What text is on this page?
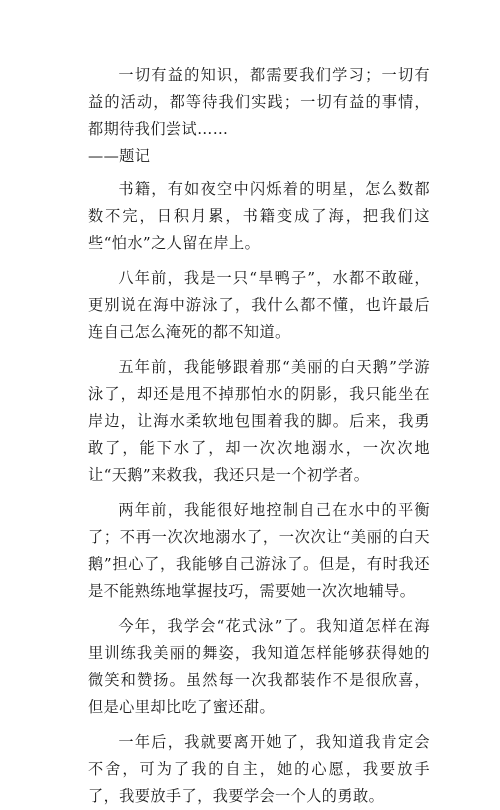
一切有益的知识，都需要我们学习；一切有益的活动，都等待我们实践；一切有益的事情，都期待我们尝试……
——题记

书籍，有如夜空中闪烁着的明星，怎么数都数不完，日积月累，书籍变成了海，把我们这些“怕水”之人留在岸上。

八年前，我是一只“旱鸭子”，水都不敢碰，更别说在海中游泳了，我什么都不懂，也许最后连自己怎么淹死的都不知道。

五年前，我能够跟着那“美丽的白天鹅”学游泳了，却还是甩不掉那怕水的阴影，我只能坐在岸边，让海水柔软地包围着我的脚。后来，我勇敢了，能下水了，却一次次地溺水，一次次地让“天鹅”来救我，我还只是一个初学者。

两年前，我能很好地控制自己在水中的平衡了；不再一次次地溺水了，一次次让“美丽的白天鹅”担心了，我能够自己游泳了。但是，有时我还是不能熟练地掌握技巧，需要她一次次地辅导。

今年，我学会“花式泳”了。我知道怎样在海里训练我美丽的舞姿，我知道怎样能够获得她的微笑和赞扬。虽然每一次我都装作不是很欣喜，但是心里却比吃了蜜还甜。

一年后，我就要离开她了，我知道我肯定会不舍，可为了我的自主，她的心愿，我要放手了，我要放手了，我要学会一个人的勇敢。
